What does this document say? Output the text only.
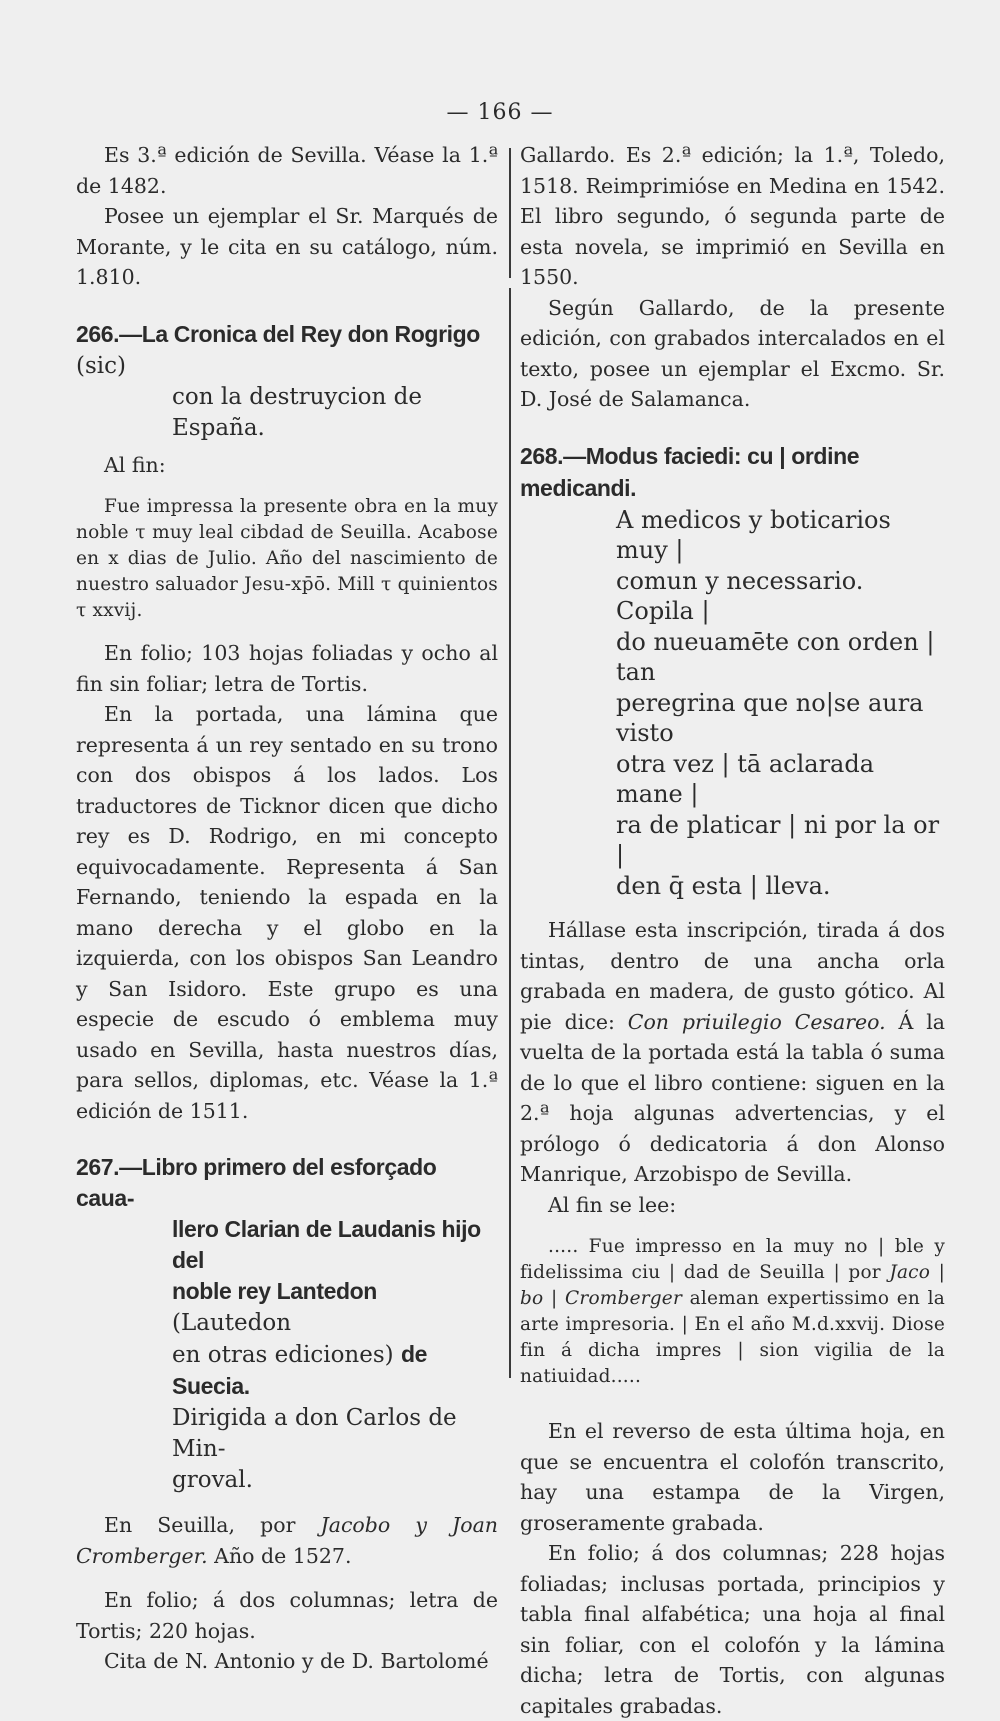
— 166 —

Es 3.ª edición de Sevilla. Véase la 1.ª de 1482.

Posee un ejemplar el Sr. Marqués de Morante, y le cita en su catálogo, núm. 1.810.

266.—La Cronica del Rey don Rogrigo (sic)
con la destruycion de España.
Al fin:

Fue impressa la presente obra en la muy noble τ muy leal cibdad de Seuilla. Acabose en x dias de Julio. Año del nascimiento de nuestro saluador Jesu-xp̄ō. Mill τ quinientos τ xxvij.

En folio; 103 hojas foliadas y ocho al fin sin foliar; letra de Tortis.

En la portada, una lámina que representa á un rey sentado en su trono con dos obispos á los lados. Los traductores de Ticknor dicen que dicho rey es D. Rodrigo, en mi concepto equivocadamente. Representa á San Fernando, teniendo la espada en la mano derecha y el globo en la izquierda, con los obispos San Leandro y San Isidoro. Este grupo es una especie de escudo ó emblema muy usado en Sevilla, hasta nuestros días, para sellos, diplomas, etc. Véase la 1.ª edición de 1511.

267.—Libro primero del esforçado caua-
llero Clarian de Laudanis hijo del
noble rey Lantedon (Lautedon
en otras ediciones) de Suecia.
Dirigida a don Carlos de Min-
groval.

En Seuilla, por Jacobo y Joan Cromberger. Año de 1527.

En folio; á dos columnas; letra de Tortis; 220 hojas.

Cita de N. Antonio y de D. Bartolomé

Gallardo. Es 2.ª edición; la 1.ª, Toledo, 1518. Reimprimióse en Medina en 1542. El libro segundo, ó segunda parte de esta novela, se imprimió en Sevilla en 1550.

Según Gallardo, de la presente edición, con grabados intercalados en el texto, posee un ejemplar el Excmo. Sr. D. José de Salamanca.

268.—Modus faciedi: cu | ordine medicandi.
A medicos y boticarios muy |
comun y necessario. Copila |
do nueuamēte con orden | tan
peregrina que no|se aura visto
otra vez | tā aclarada mane |
ra de platicar | ni por la or |
den q̄ esta | lleva.

Hállase esta inscripción, tirada á dos tintas, dentro de una ancha orla grabada en madera, de gusto gótico. Al pie dice: Con priuilegio Cesareo. Á la vuelta de la portada está la tabla ó suma de lo que el libro contiene: siguen en la 2.ª hoja algunas advertencias, y el prólogo ó dedicatoria á don Alonso Manrique, Arzobispo de Sevilla.

Al fin se lee:

..... Fue impresso en la muy no | ble y fidelissima ciu | dad de Seuilla | por Jaco | bo | Cromberger aleman expertissimo en la arte impresoria. | En el año M.d.xxvij. Diose fin á dicha impres | sion vigilia de la natiuidad.....

En el reverso de esta última hoja, en que se encuentra el colofón transcrito, hay una estampa de la Virgen, groseramente grabada.

En folio; á dos columnas; 228 hojas foliadas; inclusas portada, principios y tabla final alfabética; una hoja al final sin foliar, con el colofón y la lámina dicha; letra de Tortis, con algunas capitales grabadas.
